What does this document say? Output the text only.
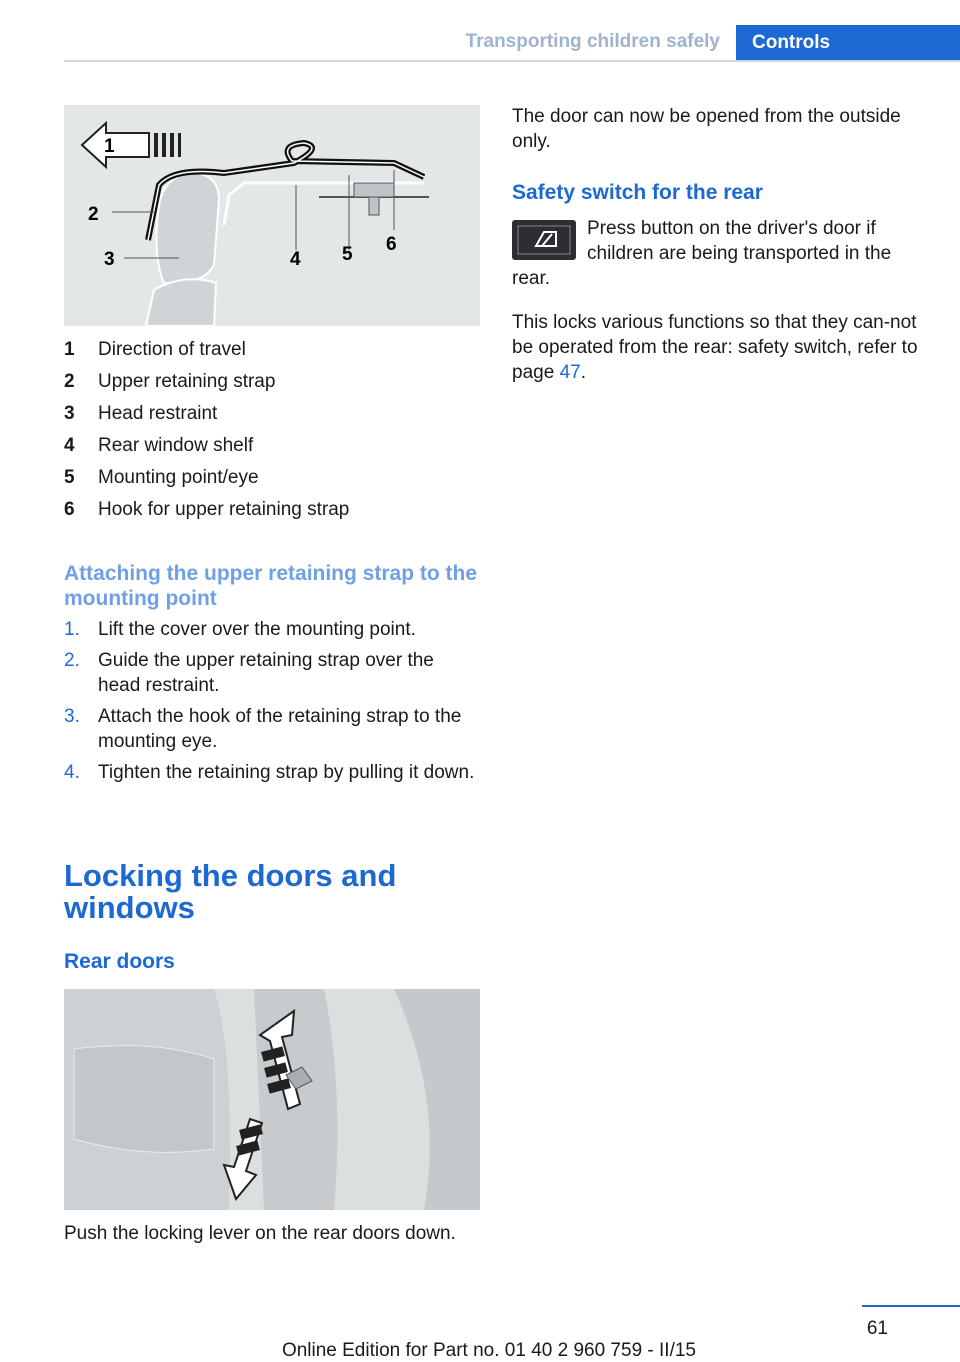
Transporting children safely Controls
1
2
3	4 5 6
1	Direction of travel
2	Upper retaining strap
3	Head restraint
4	Rear window shelf
5	Mounting point/eye
6	Hook for upper retaining strap
Attaching the upper retaining strap to the mounting point
1. Lift the cover over the mounting point.
2. Guide the upper retaining strap over the head restraint.
3. Attach the hook of the retaining strap to the mounting eye.
4. Tighten the retaining strap by pulling it down.
Locking the doors and windows
Rear doors
Push the locking lever on the rear doors down.
The door can now be opened from the outside only.
Safety switch for the rear
Press button on the driver's door if
children are being transported in the
rear.
This locks various functions so that they can-not be operated from the rear: safety switch, refer to page 47.
61
Online Edition for Part no. 01 40 2 960 759 - II/15
